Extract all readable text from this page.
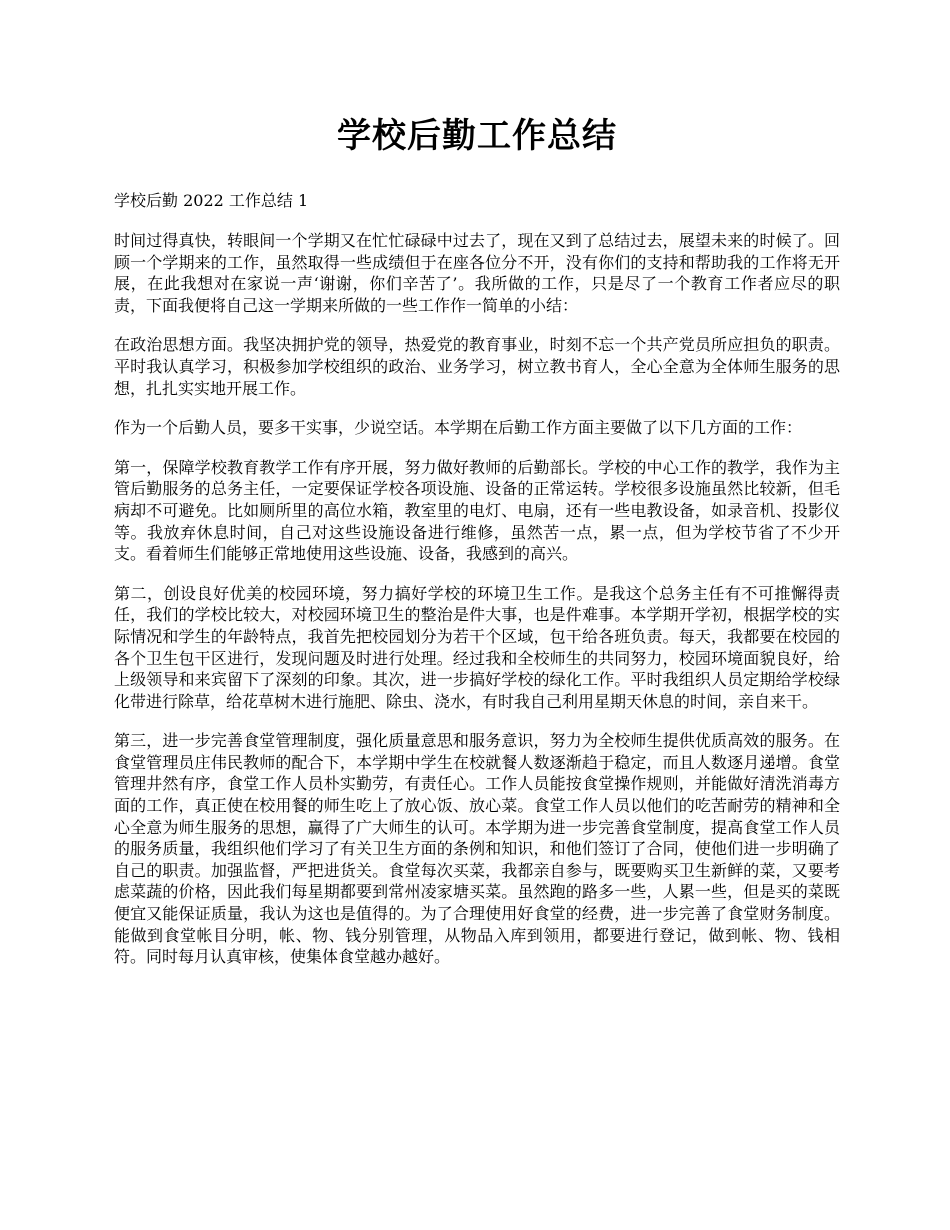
学校后勤工作总结

学校后勤 2022 工作总结 1

时间过得真快，转眼间一个学期又在忙忙碌碌中过去了，现在又到了总结过去，展望未来的时候了。回顾一个学期来的工作，虽然取得一些成绩但于在座各位分不开，没有你们的支持和帮助我的工作将无开展，在此我想对在家说一声‘谢谢，你们辛苦了’。我所做的工作，只是尽了一个教育工作者应尽的职责，下面我便将自己这一学期来所做的一些工作作一简单的小结：

在政治思想方面。我坚决拥护党的领导，热爱党的教育事业，时刻不忘一个共产党员所应担负的职责。平时我认真学习，积极参加学校组织的政治、业务学习，树立教书育人，全心全意为全体师生服务的思想，扎扎实实地开展工作。

作为一个后勤人员，要多干实事，少说空话。本学期在后勤工作方面主要做了以下几方面的工作：

第一，保障学校教育教学工作有序开展，努力做好教师的后勤部长。学校的中心工作的教学，我作为主管后勤服务的总务主任，一定要保证学校各项设施、设备的正常运转。学校很多设施虽然比较新，但毛病却不可避免。比如厕所里的高位水箱，教室里的电灯、电扇，还有一些电教设备，如录音机、投影仪等。我放弃休息时间，自己对这些设施设备进行维修，虽然苦一点，累一点，但为学校节省了不少开支。看着师生们能够正常地使用这些设施、设备，我感到的高兴。

第二，创设良好优美的校园环境，努力搞好学校的环境卫生工作。是我这个总务主任有不可推懈得责任，我们的学校比较大，对校园环境卫生的整治是件大事，也是件难事。本学期开学初，根据学校的实际情况和学生的年龄特点，我首先把校园划分为若干个区域，包干给各班负责。每天，我都要在校园的各个卫生包干区进行，发现问题及时进行处理。经过我和全校师生的共同努力，校园环境面貌良好，给上级领导和来宾留下了深刻的印象。其次，进一步搞好学校的绿化工作。平时我组织人员定期给学校绿化带进行除草，给花草树木进行施肥、除虫、浇水，有时我自己利用星期天休息的时间，亲自来干。

第三，进一步完善食堂管理制度，强化质量意思和服务意识，努力为全校师生提供优质高效的服务。在食堂管理员庄伟民教师的配合下，本学期中学生在校就餐人数逐渐趋于稳定，而且人数逐月递增。食堂管理井然有序，食堂工作人员朴实勤劳，有责任心。工作人员能按食堂操作规则，并能做好清洗消毒方面的工作，真正使在校用餐的师生吃上了放心饭、放心菜。食堂工作人员以他们的吃苦耐劳的精神和全心全意为师生服务的思想，赢得了广大师生的认可。本学期为进一步完善食堂制度，提高食堂工作人员的服务质量，我组织他们学习了有关卫生方面的条例和知识，和他们签订了合同，使他们进一步明确了自己的职责。加强监督，严把进货关。食堂每次买菜，我都亲自参与，既要购买卫生新鲜的菜，又要考虑菜蔬的价格，因此我们每星期都要到常州凌家塘买菜。虽然跑的路多一些，人累一些，但是买的菜既便宜又能保证质量，我认为这也是值得的。为了合理使用好食堂的经费，进一步完善了食堂财务制度。能做到食堂帐目分明，帐、物、钱分别管理，从物品入库到领用，都要进行登记，做到帐、物、钱相符。同时每月认真审核，使集体食堂越办越好。
